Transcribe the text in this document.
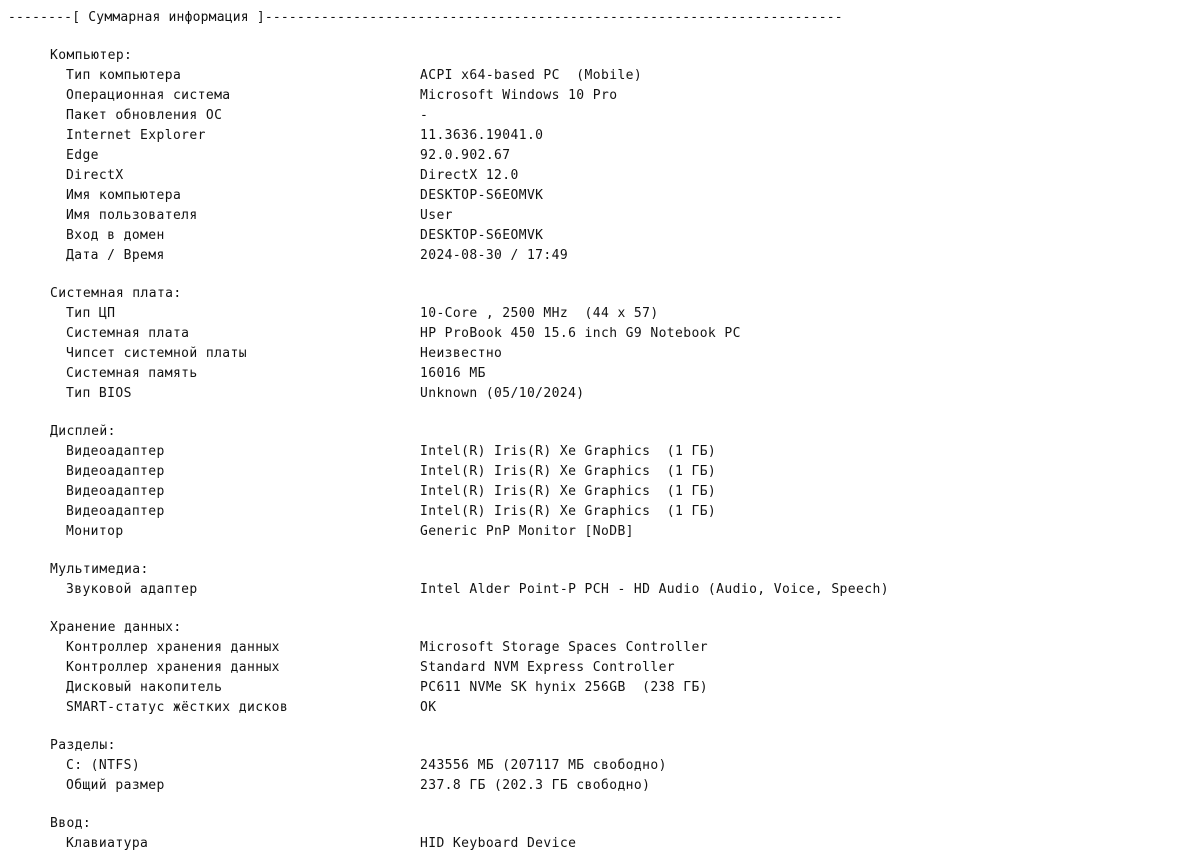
--------[ Суммарная информация ]------------------------------------------------------------------------
Компьютер:
Тип компьютера	ACPI x64-based PC  (Mobile)
Операционная система	Microsoft Windows 10 Pro
Пакет обновления ОС	-
Internet Explorer	11.3636.19041.0
Edge	92.0.902.67
DirectX	DirectX 12.0
Имя компьютера	DESKTOP-S6EOMVK
Имя пользователя	User
Вход в домен	DESKTOP-S6EOMVK
Дата / Время	2024-08-30 / 17:49
Системная плата:
Тип ЦП	10-Core , 2500 MHz  (44 x 57)
Системная плата	HP ProBook 450 15.6 inch G9 Notebook PC
Чипсет системной платы	Неизвестно
Системная память	16016 МБ
Тип BIOS	Unknown (05/10/2024)
Дисплей:
Видеоадаптер	Intel(R) Iris(R) Xe Graphics  (1 ГБ)
Видеоадаптер	Intel(R) Iris(R) Xe Graphics  (1 ГБ)
Видеоадаптер	Intel(R) Iris(R) Xe Graphics  (1 ГБ)
Видеоадаптер	Intel(R) Iris(R) Xe Graphics  (1 ГБ)
Монитор	Generic PnP Monitor [NoDB]
Мультимедиа:
Звуковой адаптер	Intel Alder Point-P PCH - HD Audio (Audio, Voice, Speech)
Хранение данных:
Контроллер хранения данных	Microsoft Storage Spaces Controller
Контроллер хранения данных	Standard NVM Express Controller
Дисковый накопитель	PC611 NVMe SK hynix 256GB  (238 ГБ)
SMART-статус жёстких дисков	OK
Разделы:
C: (NTFS)	243556 МБ (207117 МБ свободно)
Общий размер	237.8 ГБ (202.3 ГБ свободно)
Ввод:
Клавиатура	HID Keyboard Device
